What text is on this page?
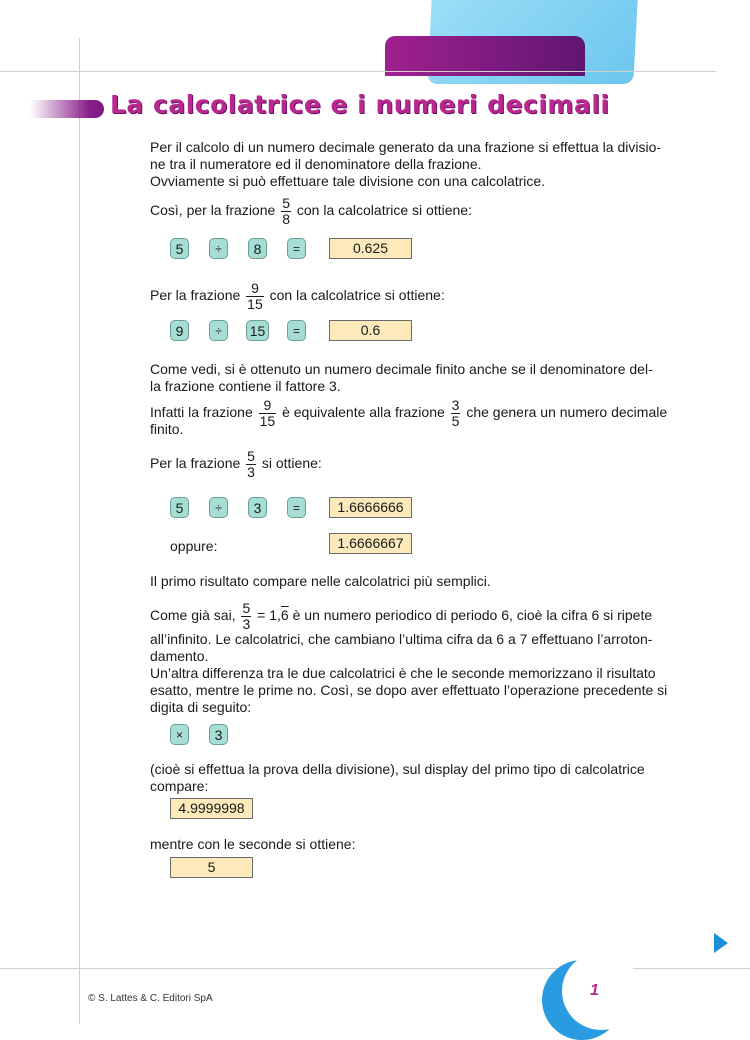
La calcolatrice e i numeri decimali

Per il calcolo di un numero decimale generato da una frazione si effettua la divisio-
ne tra il numeratore ed il denominatore della frazione.
Ovviamente si può effettuare tale divisione con una calcolatrice.

Così, per la frazione $\frac{5}{8}$ con la calcolatrice si ottiene:
5	÷	8	=	0.625
Per la frazione $\frac{9}{15}$ con la calcolatrice si ottiene:
9	÷	15	=	0.6

Come vedi, si è ottenuto un numero decimale finito anche se il denominatore del-
la frazione contiene il fattore 3.

Infatti la frazione $\frac{9}{15}$ è equivalente alla frazione $\frac{3}{5}$ che genera un numero decimale

finito.

Per la frazione $\frac{5}{3}$ si ottiene:
5	÷	3	=	1.6666666
oppure:	1.6666667

Il primo risultato compare nelle calcolatrici più semplici.

Come già sai, $\frac{5}{3} = 1,6$ è un numero periodico di periodo 6, cioè la cifra 6 si ripete

all’infinito. Le calcolatrici, che cambiano l’ultima cifra da 6 a 7 effettuano l’arroton-
damento.
Un’altra differenza tra le due calcolatrici è che le seconde memorizzano il risultato
esatto, mentre le prime no. Così, se dopo aver effettuato l’operazione precedente si
digita di seguito:

×	3

(cioè si effettua la prova della divisione), sul display del primo tipo di calcolatrice
compare:

4.9999998

mentre con le seconde si ottiene:

5
1
© S. Lattes & C. Editori SpA
